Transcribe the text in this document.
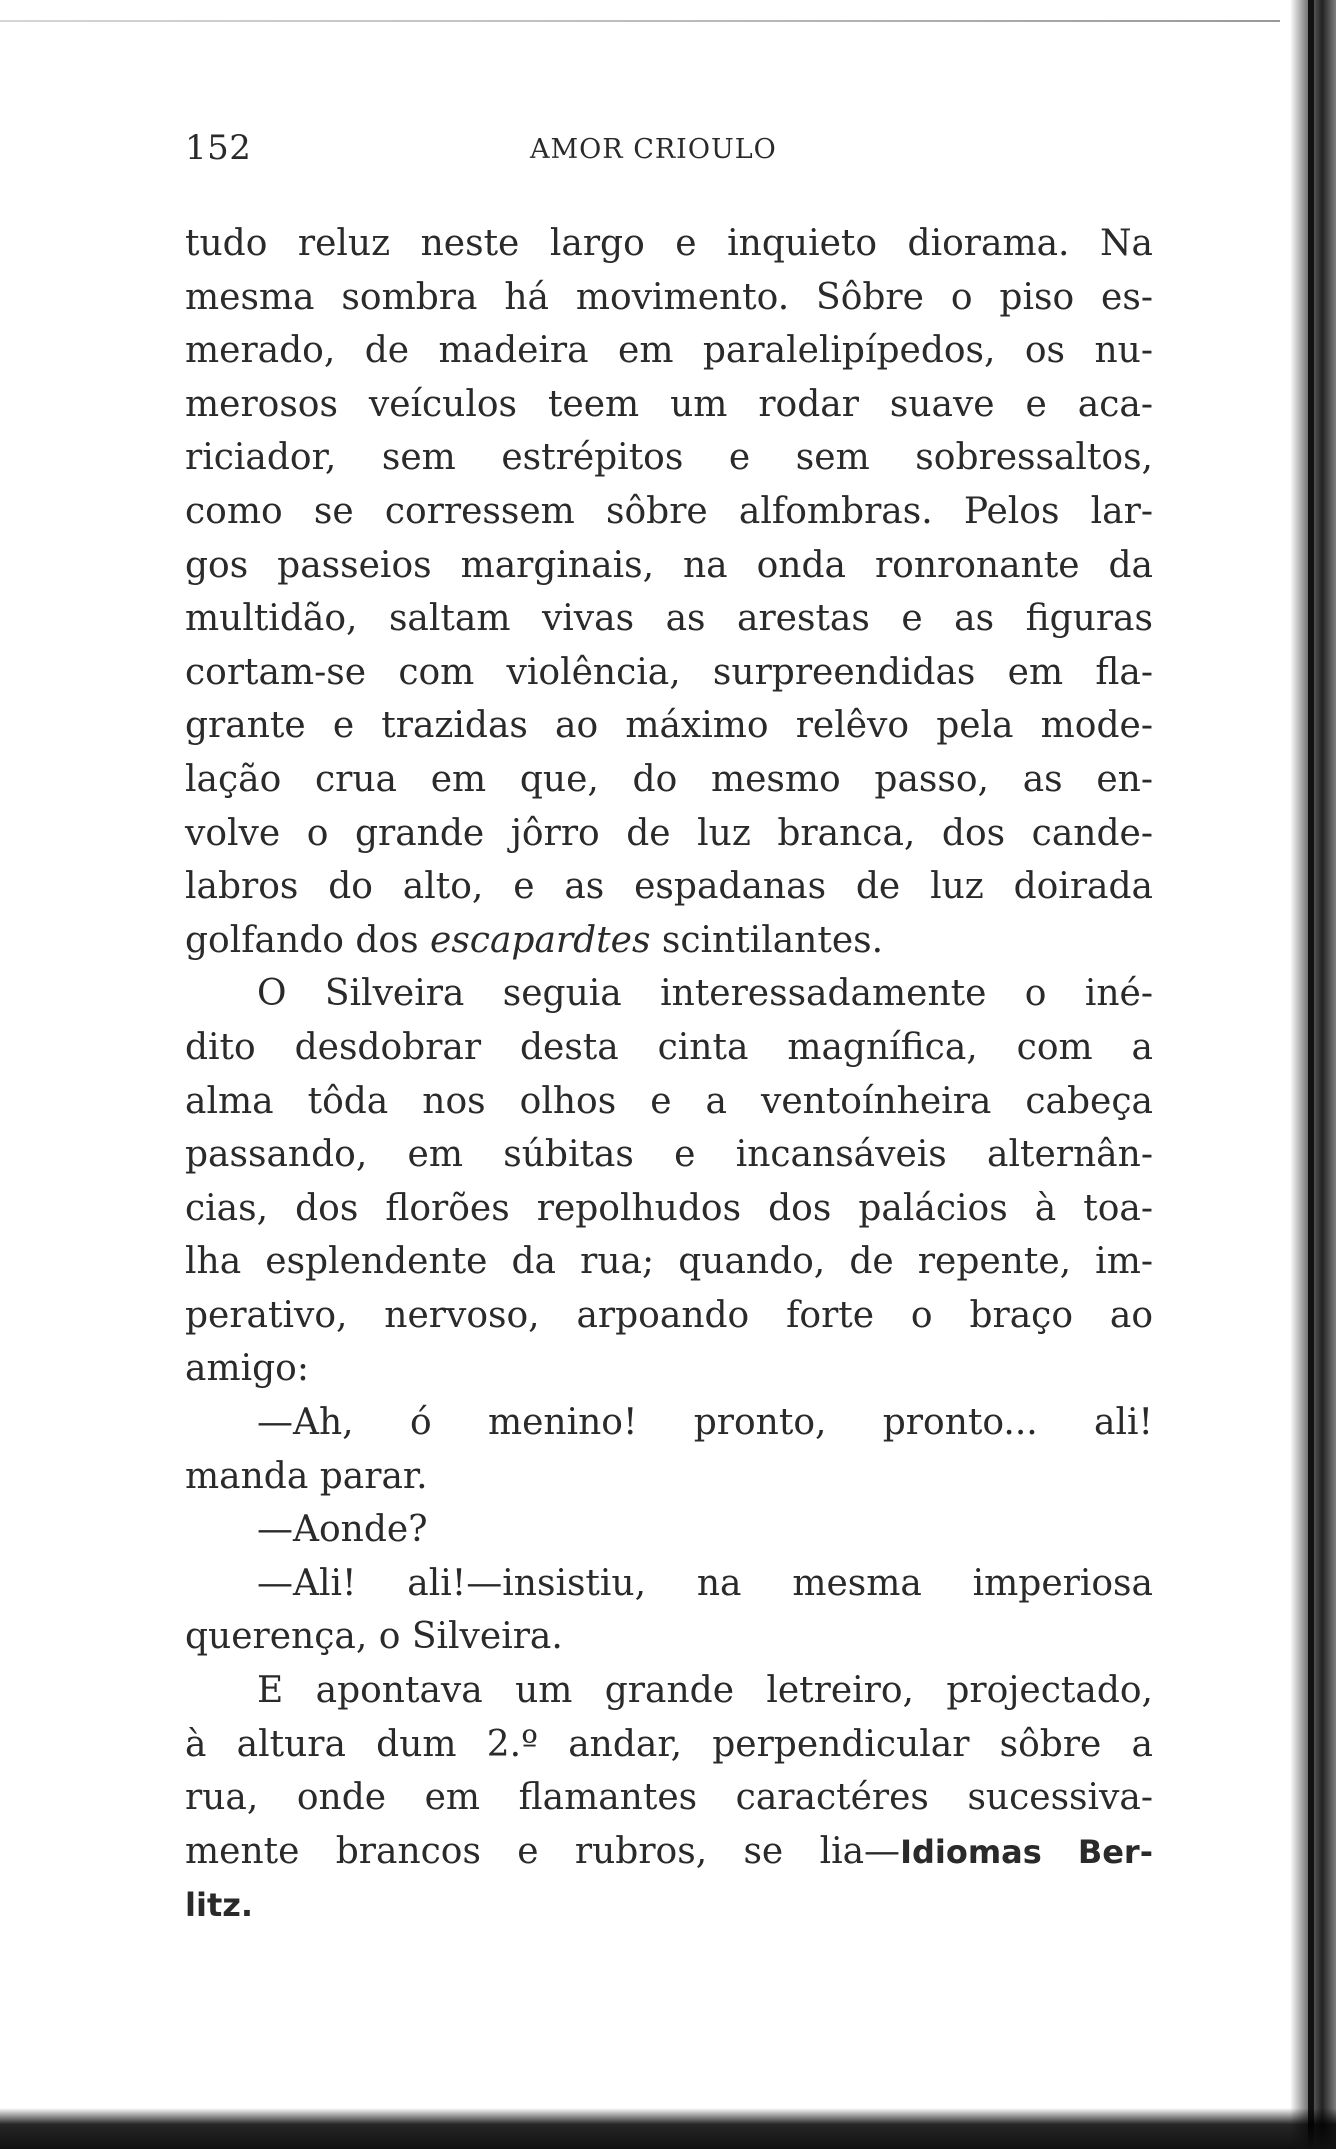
152	AMOR CRIOULO
tudo reluz neste largo e inquieto diorama. Na
mesma sombra há movimento. Sôbre o piso es-
merado, de madeira em paralelipípedos, os nu-
merosos veículos teem um rodar suave e aca-
riciador, sem estrépitos e sem sobressaltos,
como se corressem sôbre alfombras. Pelos lar-
gos passeios marginais, na onda ronronante da
multidão, saltam vivas as arestas e as figuras
cortam-se com violência, surpreendidas em fla-
grante e trazidas ao máximo relêvo pela mode-
lação crua em que, do mesmo passo, as en-
volve o grande jôrro de luz branca, dos cande-
labros do alto, e as espadanas de luz doirada
golfando dos escapardtes scintilantes.
O Silveira seguia interessadamente o iné-
dito desdobrar desta cinta magnífica, com a
alma tôda nos olhos e a ventoínheira cabeça
passando, em súbitas e incansáveis alternân-
cias, dos florões repolhudos dos palácios à toa-
lha esplendente da rua; quando, de repente, im-
perativo, nervoso, arpoando forte o braço ao
amigo:
—Ah, ó menino! pronto, pronto... ali!
manda parar.
—Aonde?
—Ali! ali!—insistiu, na mesma imperiosa
querença, o Silveira.
E apontava um grande letreiro, projectado,
à altura dum 2.º andar, perpendicular sôbre a
rua, onde em flamantes caractéres sucessiva-
mente brancos e rubros, se lia—Idiomas Ber-
litz.
